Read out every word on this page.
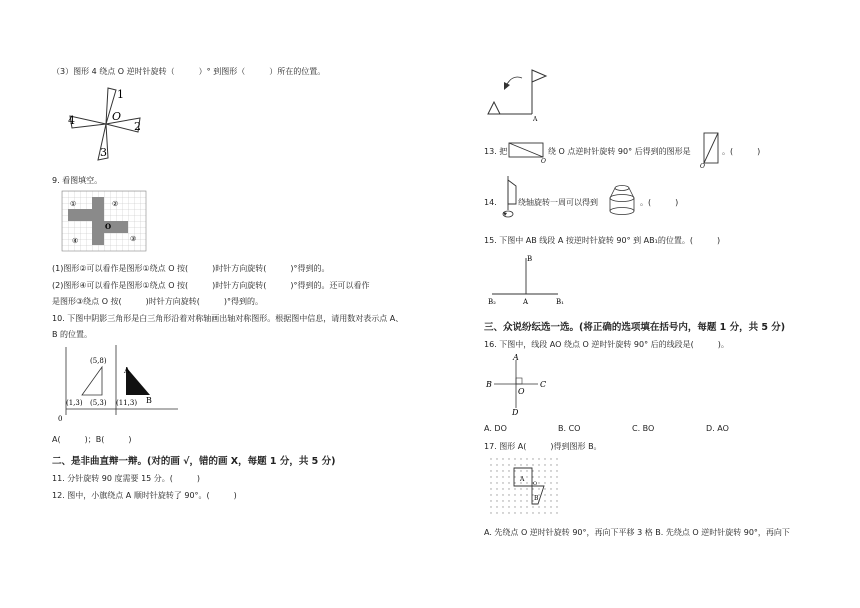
（3）图形 4 绕点 O 逆时针旋转（　　　）° 到图形（　　　）所在的位置。
1
2
3
4	O
9. 看图填空。
①	②
③
④
O
(1)图形②可以看作是图形①绕点 O 按(　　　)时针方向旋转(　　　)°得到的。
(2)图形④可以看作是图形①绕点 O 按(　　　)时针方向旋转(　　　)°得到的。还可以看作
是图形③绕点 O 按(　　　)时针方向旋转(　　　)°得到的。
10. 下图中阴影三角形是白三角形沿着对称轴画出轴对称图形。根据图中信息，请用数对表示点 A、
B 的位置。
(5,8)
(1,3) (5,3) (11,3)
A
B
0
A(　　　)；B(　　　)
二、是非曲直辩一辩。(对的画 √，错的画 X，每题 1 分，共 5 分)
11. 分针旋转 90 度需要 15 分。(　　　)
12. 图中，小旗绕点 A 顺时针旋转了 90°。(　　　)
A
13. 把
O
绕 O 点逆时针旋转 90° 后得到的图形是
O
。(　　　)
14.	绕轴旋转一周可以得到	。(　　　)
15. 下图中 AB 线段 A 按逆时针旋转 90° 到 AB₁的位置。(　　　)
B
B₂	A	B₁
三、众说纷纭选一选。(将正确的选项填在括号内，每题 1 分，共 5 分)
16. 下图中，线段 AO 绕点 O 逆时针旋转 90° 后的线段是(　　　)。
A
B	C
O
D
A. DO	B. CO	C. BO	D. AO
17. 图形 A(　　　)得到图形 B。
A
B
O
A. 先绕点 O 逆时针旋转 90°，再向下平移 3 格 B. 先绕点 O 逆时针旋转 90°，再向下
